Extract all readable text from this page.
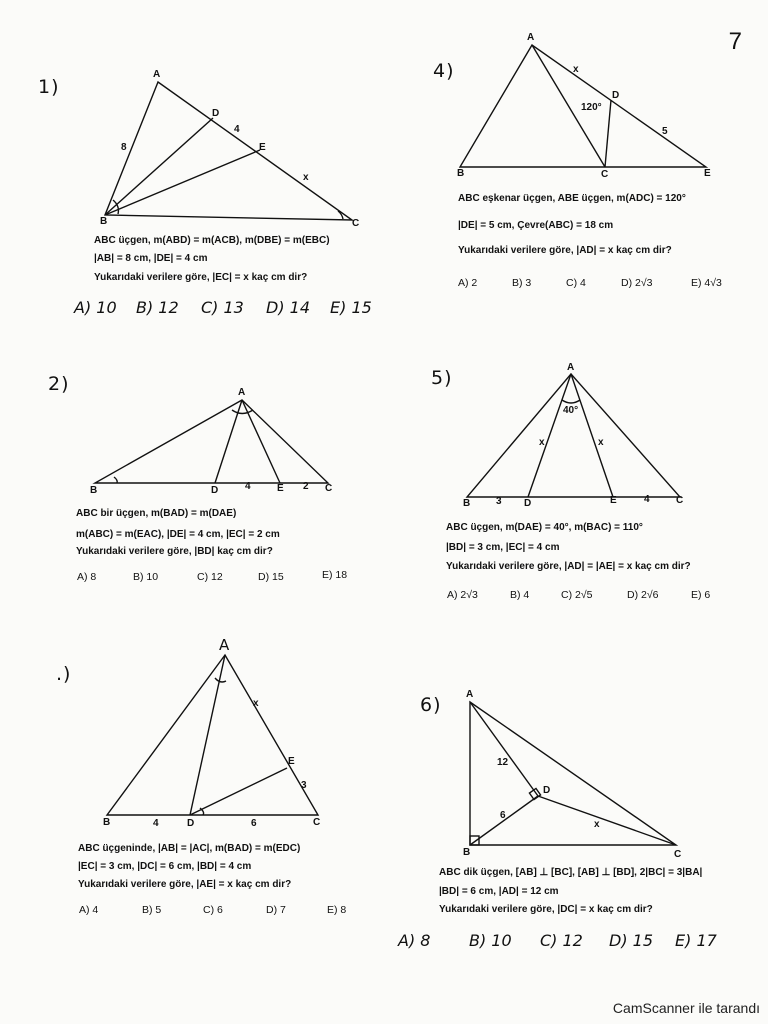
7
1)
A
B	C
D
E
8
4
x
ABC üçgen, m(ABD) = m(ACB), m(DBE) = m(EBC)
|AB| = 8 cm, |DE| = 4 cm
Yukarıdaki verilere göre, |EC| = x kaç cm dir?
A) 10 B) 12 C) 13 D) 14 E) 15
4)
A
B	C
D
E
x
5
120°
ABC eşkenar üçgen, ABE üçgen, m(ADC) = 120°
|DE| = 5 cm, Çevre(ABC) = 18 cm
Yukarıdaki verilere göre, |AD| = x kaç cm dir?
A) 2	B) 3	C) 4	D) 2√3	E) 4√3
2)	A
B	D	E	C
4	2
ABC bir üçgen, m(BAD) = m(DAE)
m(ABC) = m(EAC), |DE| = 4 cm, |EC| = 2 cm
Yukarıdaki verilere göre, |BD| kaç cm dir?
A) 8	B) 10	C) 12	D) 15	E) 18
5)	A
B	D	E	C
40°
x	x
3	4
ABC üçgen, m(DAE) = 40°, m(BAC) = 110°
|BD| = 3 cm, |EC| = 4 cm
Yukarıdaki verilere göre, |AD| = |AE| = x kaç cm dir?
A) 2√3	B) 4	C) 2√5	D) 2√6	E) 6
.)
A
B	D	C
E
x
3
4	6
ABC üçgeninde, |AB| = |AC|, m(BAD) = m(EDC)
|EC| = 3 cm, |DC| = 6 cm, |BD| = 4 cm
Yukarıdaki verilere göre, |AE| = x kaç cm dir?
A) 4	B) 5	C) 6	D) 7	E) 8
6) A
B	C
D
12
6
x
ABC dik üçgen, [AB] ⊥ [BC], [AB] ⊥ [BD], 2|BC| = 3|BA|
|BD| = 6 cm, |AD| = 12 cm
Yukarıdaki verilere göre, |DC| = x kaç cm dir?
A) 8 B) 10 C) 12 D) 15 E) 17
CamScanner ile tarandı
